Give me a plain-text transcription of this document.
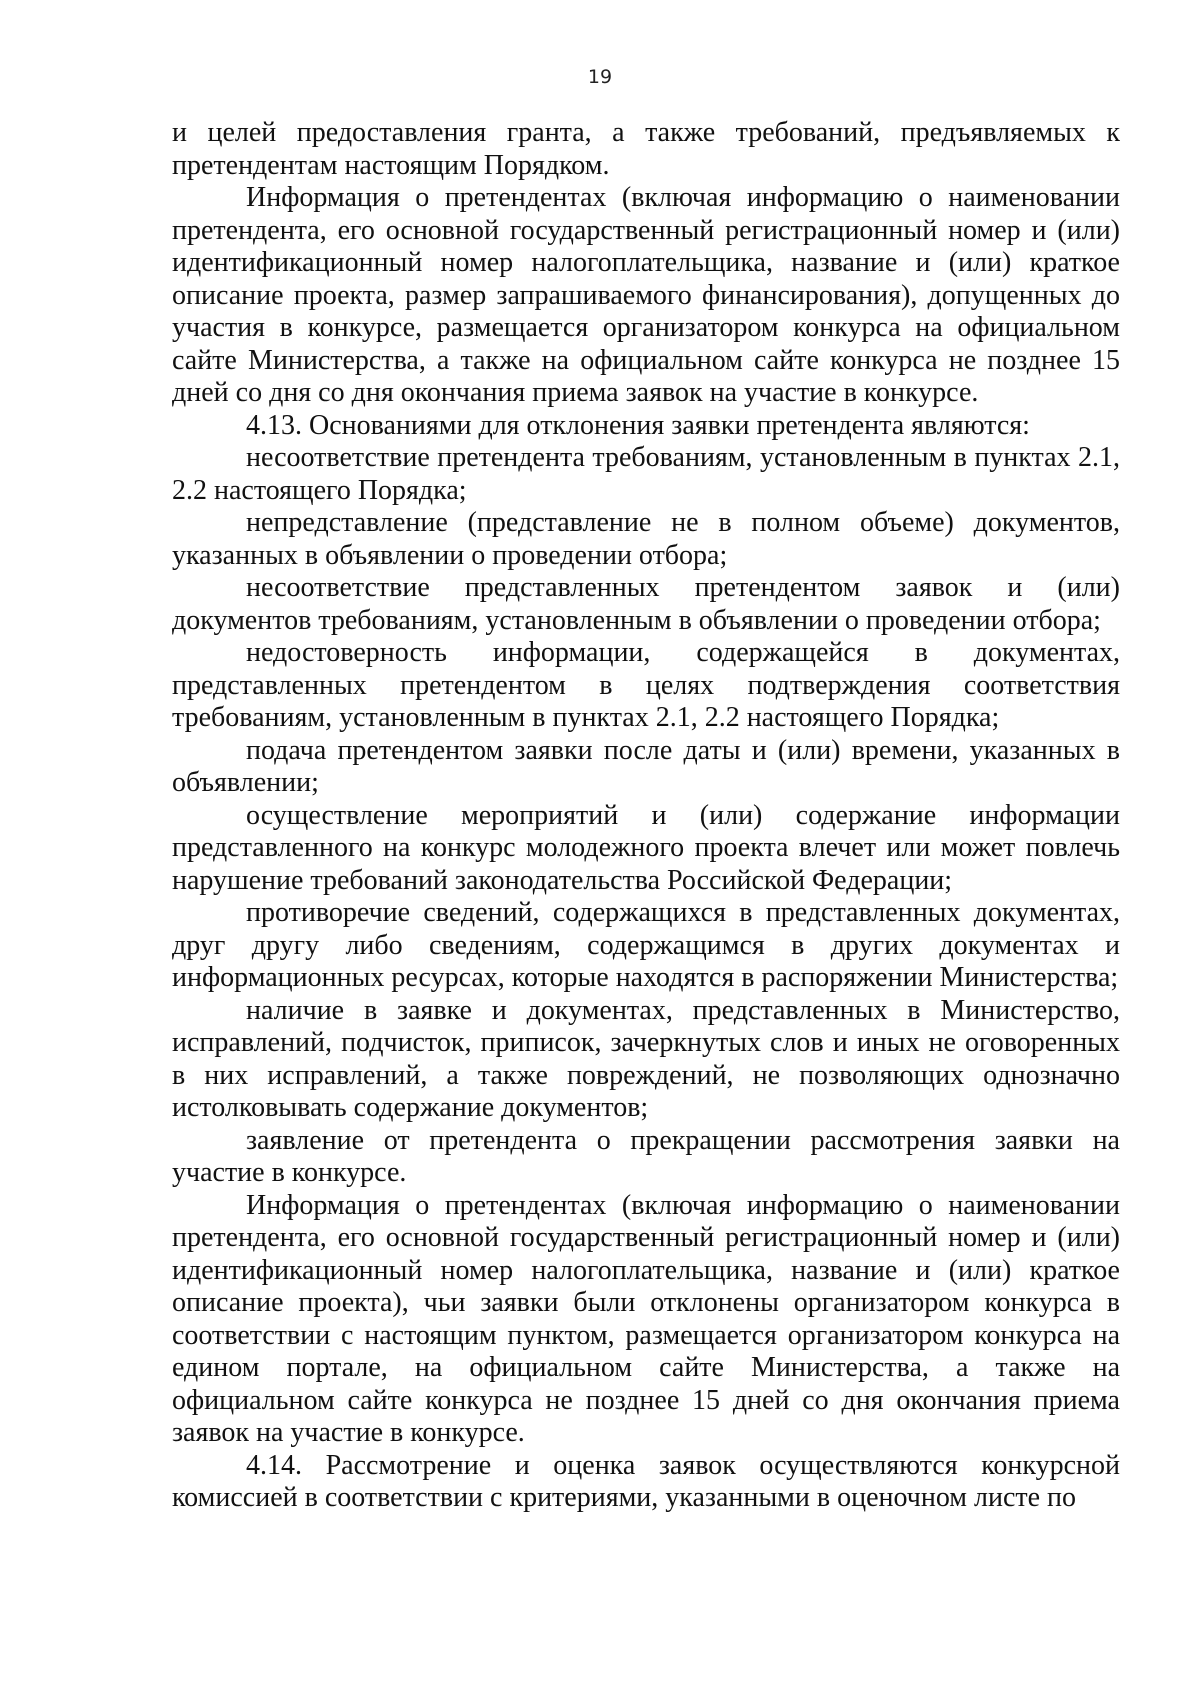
19

и целей предоставления гранта, а также требований, предъявляемых к претендентам настоящим Порядком.

Информация о претендентах (включая информацию о наименовании претендента, его основной государственный регистрационный номер и (или) идентификационный номер налогоплательщика, название и (или) краткое описание проекта, размер запрашиваемого финансирования), допущенных до участия в конкурсе, размещается организатором конкурса на официальном сайте Министерства, а также на официальном сайте конкурса не позднее 15 дней со дня со дня окончания приема заявок на участие в конкурсе.

4.13. Основаниями для отклонения заявки претендента являются:

несоответствие претендента требованиям, установленным в пунктах 2.1, 2.2 настоящего Порядка;

непредставление (представление не в полном объеме) документов, указанных в объявлении о проведении отбора;

несоответствие представленных претендентом заявок и (или) документов требованиям, установленным в объявлении о проведении отбора;

недостоверность информации, содержащейся в документах, представленных претендентом в целях подтверждения соответствия требованиям, установленным в пунктах 2.1, 2.2 настоящего Порядка;

подача претендентом заявки после даты и (или) времени, указанных в объявлении;

осуществление мероприятий и (или) содержание информации представленного на конкурс молодежного проекта влечет или может повлечь нарушение требований законодательства Российской Федерации;

противоречие сведений, содержащихся в представленных документах, друг другу либо сведениям, содержащимся в других документах и информационных ресурсах, которые находятся в распоряжении Министерства;

наличие в заявке и документах, представленных в Министерство, исправлений, подчисток, приписок, зачеркнутых слов и иных не оговоренных в них исправлений, а также повреждений, не позволяющих однозначно истолковывать содержание документов;

заявление от претендента о прекращении рассмотрения заявки на участие в конкурсе.

Информация о претендентах (включая информацию о наименовании претендента, его основной государственный регистрационный номер и (или) идентификационный номер налогоплательщика, название и (или) краткое описание проекта), чьи заявки были отклонены организатором конкурса в соответствии с настоящим пунктом, размещается организатором конкурса на едином портале, на официальном сайте Министерства, а также на официальном сайте конкурса не позднее 15 дней со дня окончания приема заявок на участие в конкурсе.

4.14. Рассмотрение и оценка заявок осуществляются конкурсной комиссией в соответствии с критериями, указанными в оценочном листе по
